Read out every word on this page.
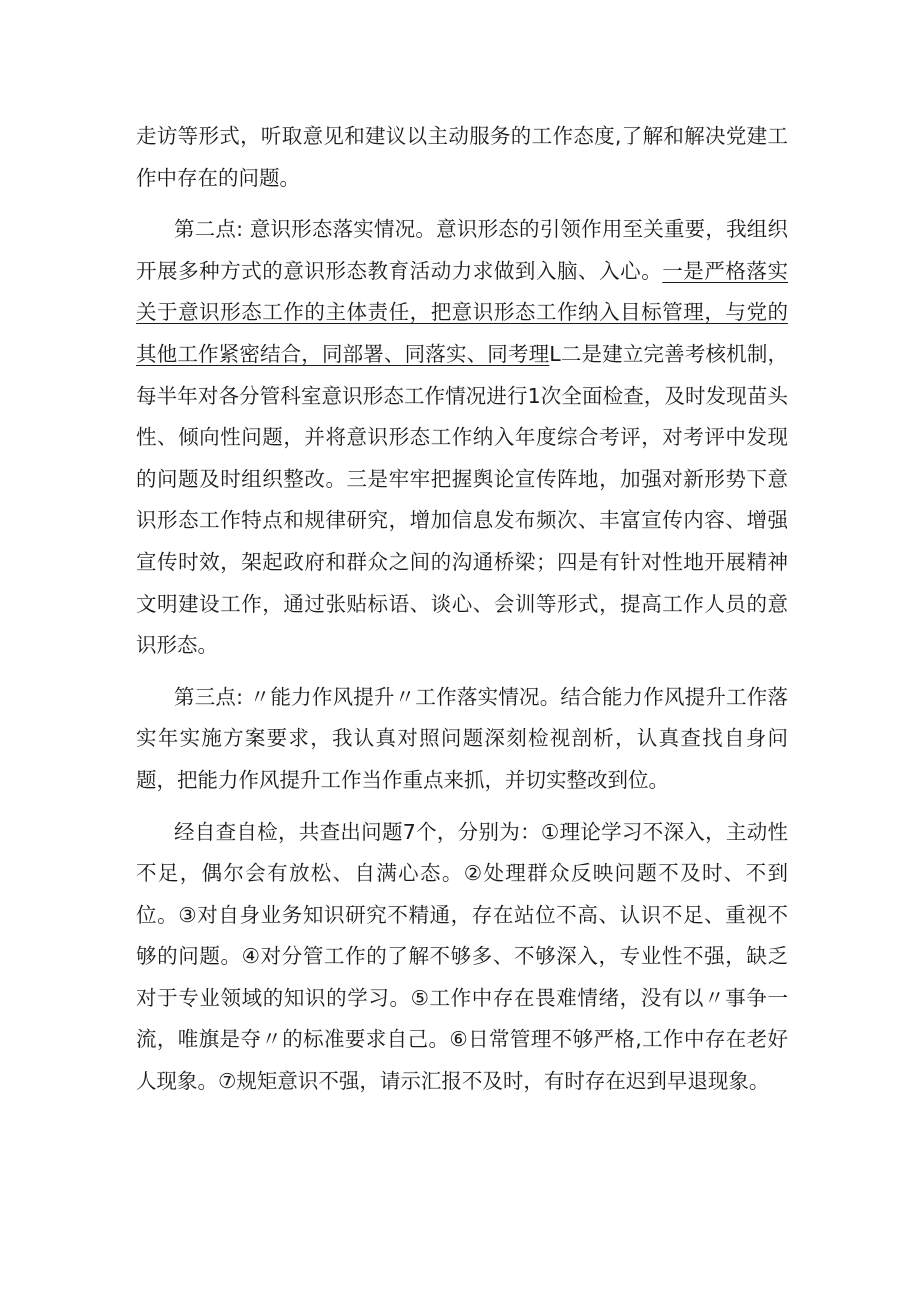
走访等形式，听取意见和建议以主动服务的工作态度,了解和解决党建工作中存在的问题。

第二点: 意识形态落实情况。意识形态的引领作用至关重要，我组织开展多种方式的意识形态教育活动力求做到入脑、入心。一是严格落实关于意识形态工作的主体责任，把意识形态工作纳入目标管理，与党的其他工作紧密结合，同部署、同落实、同考理L二是建立完善考核机制，每半年对各分管科室意识形态工作情况进行1次全面检查，及时发现苗头性、倾向性问题，并将意识形态工作纳入年度综合考评，对考评中发现的问题及时组织整改。三是牢牢把握舆论宣传阵地，加强对新形势下意识形态工作特点和规律研究，增加信息发布频次、丰富宣传内容、增强宣传时效，架起政府和群众之间的沟通桥梁；四是有针对性地开展精神文明建设工作，通过张贴标语、谈心、会训等形式，提高工作人员的意识形态。

第三点: 〃能力作风提升〃工作落实情况。结合能力作风提升工作落实年实施方案要求，我认真对照问题深刻检视剖析，认真查找自身问题，把能力作风提升工作当作重点来抓，并切实整改到位。

经自查自检，共查出问题7个，分别为：①理论学习不深入，主动性不足，偶尔会有放松、自满心态。②处理群众反映问题不及时、不到位。③对自身业务知识研究不精通，存在站位不高、认识不足、重视不够的问题。④对分管工作的了解不够多、不够深入，专业性不强，缺乏对于专业领域的知识的学习。⑤工作中存在畏难情绪，没有以〃事争一流，唯旗是夺〃的标准要求自己。⑥日常管理不够严格,工作中存在老好人现象。⑦规矩意识不强，请示汇报不及时，有时存在迟到早退现象。
